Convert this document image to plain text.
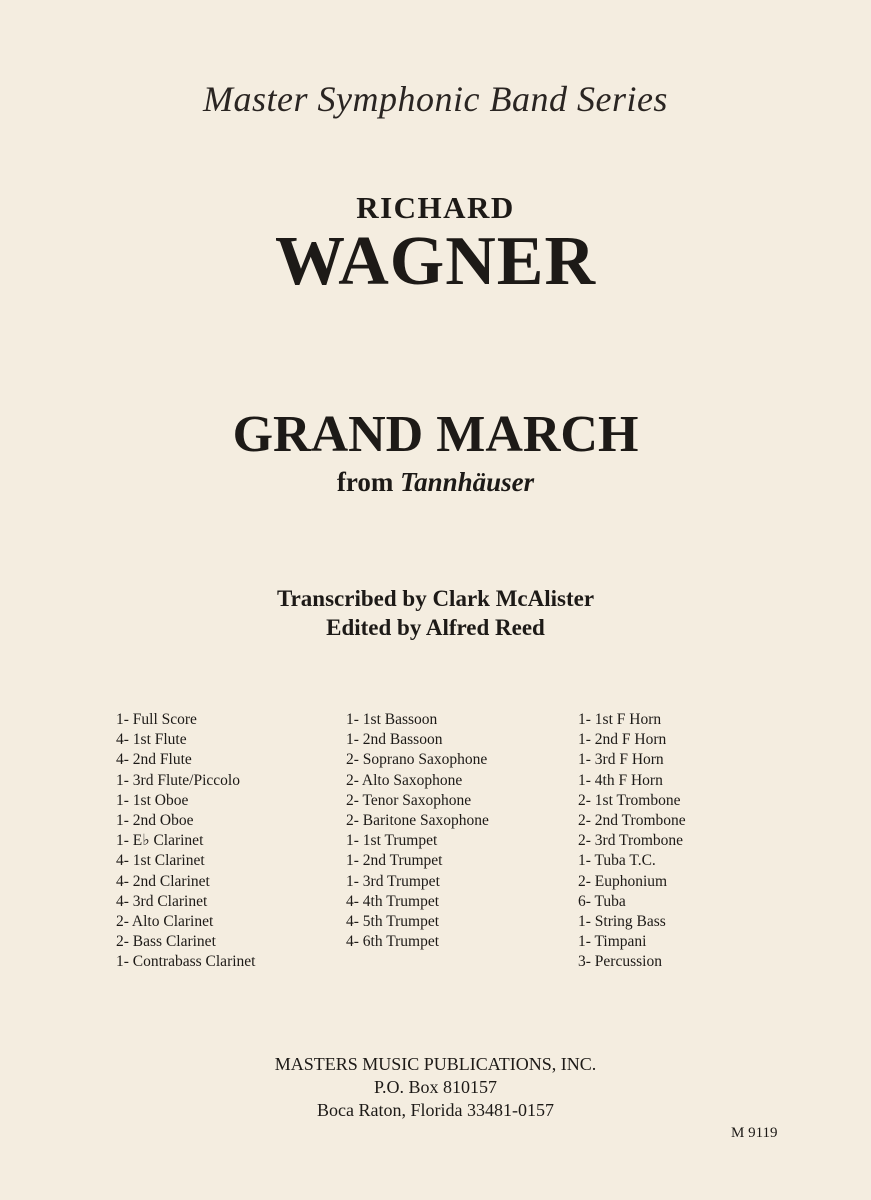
Master Symphonic Band Series
RICHARD
WAGNER
GRAND MARCH
from Tannhäuser
Transcribed by Clark McAlister
Edited by Alfred Reed
1- Full Score
4- 1st Flute
4- 2nd Flute
1- 3rd Flute/Piccolo
1- 1st Oboe
1- 2nd Oboe
1- E♭ Clarinet
4- 1st Clarinet
4- 2nd Clarinet
4- 3rd Clarinet
2- Alto Clarinet
2- Bass Clarinet
1- Contrabass Clarinet
1- 1st Bassoon
1- 2nd Bassoon
2- Soprano Saxophone
2- Alto Saxophone
2- Tenor Saxophone
2- Baritone Saxophone
1- 1st Trumpet
1- 2nd Trumpet
1- 3rd Trumpet
4- 4th Trumpet
4- 5th Trumpet
4- 6th Trumpet
1- 1st F Horn
1- 2nd F Horn
1- 3rd F Horn
1- 4th F Horn
2- 1st Trombone
2- 2nd Trombone
2- 3rd Trombone
1- Tuba T.C.
2- Euphonium
6- Tuba
1- String Bass
1- Timpani
3- Percussion
MASTERS MUSIC PUBLICATIONS, INC.
P.O. Box 810157
Boca Raton, Florida 33481-0157
M 9119
